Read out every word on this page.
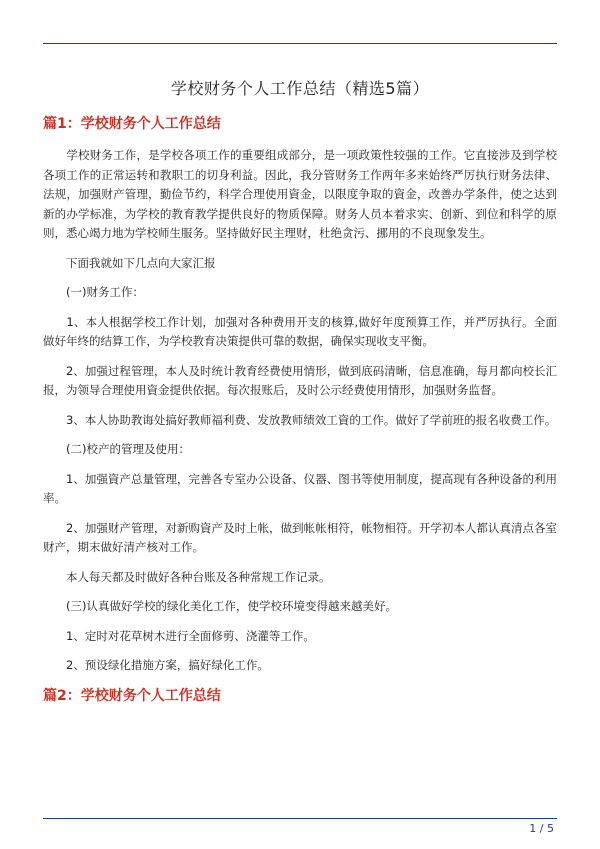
学校财务个人工作总结（精选5篇）
篇1：学校财务个人工作总结

　　学校财务工作，是学校各项工作的重要组成部分，是一项政策性较强的工作。它直接涉及到学校各项工作的正常运转和教职工的切身利益。因此，我分管财务工作两年多来始终严厉执行财务法律、法规，加强财产管理，勤俭节约，科学合理使用資金，以限度争取的資金，改善办学条件，使之达到新的办学标准，为学校的教育教学提供良好的物质保障。财务人员本着求实、创新、到位和科学的原则，悉心竭力地为学校师生服务。坚持做好民主理财，杜绝贪污、挪用的不良现象发生。

　　下面我就如下几点向大家汇报

　　(一)财务工作：

　　1、本人根据学校工作计划，加强对各种费用开支的核算,做好年度预算工作，并严厉执行。全面做好年终的结算工作，为学校教育决策提供可靠的数据，确保实现收支平衡。

　　2、加强过程管理，本人及时统计教育经费使用情形，做到底码清晰，信息准确，每月都向校长汇报，为领导合理使用資金提供依据。每次报账后，及时公示经费使用情形，加强财务监督。

　　3、本人协助教诲处搞好教师福利费、发放教师绩效工資的工作。做好了学前班的报名收费工作。

　　(二)校产的管理及使用：

　　1、加强資产总量管理，完善各专室办公设备、仪器、图书等使用制度，提高现有各种设备的利用率。

　　2、加强财产管理，对新购資产及时上帐，做到帐帐相符，帐物相符。开学初本人都认真清点各室财产，期末做好清产核对工作。

　　本人每天都及时做好各种台账及各种常规工作记录。

　　(三)认真做好学校的绿化美化工作，使学校环境变得越来越美好。

　　1、定时对花草树木进行全面修剪、浇灌等工作。

　　2、预设绿化措施方案，搞好绿化工作。

篇2：学校财务个人工作总结
1 / 5
